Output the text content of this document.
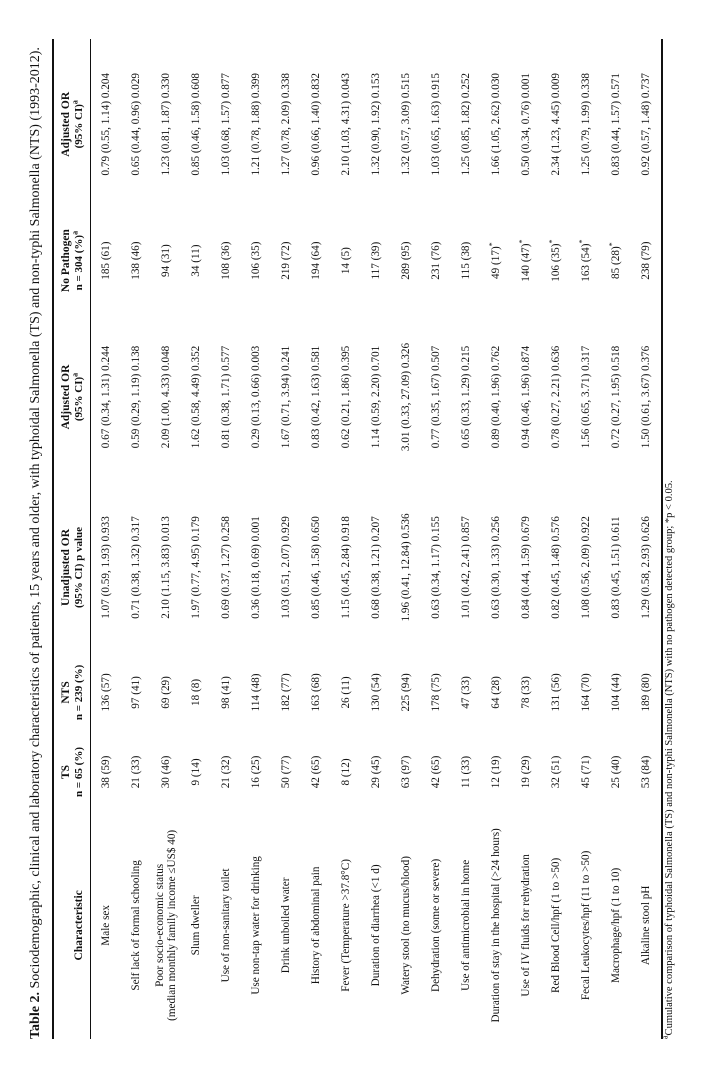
Table 2. Sociodemographic, clinical and laboratory characteristics of patients, 15 years and older, with typhoidal Salmonella (TS) and non-typhi Salmonella (NTS) (1993-2012).	Characteristic	TS n = 65 (%)	NTS n = 239 (%)	Unadjusted OR (95% CI) p value	Adjusted OR (95% CI)$^a$	No Pathogen n = 304 (%)$^a$	Adjusted OR (95% CI)$^a$

Male sex	38 (59)	136 (57)	1.07 (0.59, 1.93) 0.933	0.67 (0.34, 1.31) 0.244	185 (61)	0.79 (0.55, 1.14) 0.204
Self lack of formal schooling	21 (33)	97 (41)	0.71 (0.38, 1.32) 0.317	0.59 (0.29, 1.19) 0.138	138 (46)	0.65 (0.44, 0.96) 0.029
Poor socio-economic status (median monthly family income ≤US$ 40)	30 (46)	69 (29)	2.10 (1.15, 3.83) 0.013	2.09 (1.00, 4.33) 0.048	94 (31)	1.23 (0.81, 1.87) 0.330
Slum dweller	9 (14)	18 (8)	1.97 (0.77, 4.95) 0.179	1.62 (0.58, 4.49) 0.352	34 (11)	0.85 (0.46, 1.58) 0.608
Use of non-sanitary toilet	21 (32)	98 (41)	0.69 (0.37, 1.27) 0.258	0.81 (0.38, 1.71) 0.577	108 (36)	1.03 (0.68, 1.57) 0.877
Use non-tap water for drinking	16 (25)	114 (48)	0.36 (0.18, 0.69) 0.001	0.29 (0.13, 0.66) 0.003	106 (35)	1.21 (0.78, 1.88) 0.399
Drink unboiled water	50 (77)	182 (77)	1.03 (0.51, 2.07) 0.929	1.67 (0.71, 3.94) 0.241	219 (72)	1.27 (0.78, 2.09) 0.338
History of abdominal pain	42 (65)	163 (68)	0.85 (0.46, 1.58) 0.650	0.83 (0.42, 1.63) 0.581	194 (64)	0.96 (0.66, 1.40) 0.832
Fever (Temperature >37.8°C)	8 (12)	26 (11)	1.15 (0.45, 2.84) 0.918	0.62 (0.21, 1.86) 0.395	14 (5)	2.10 (1.03, 4.31) 0.043
Duration of diarrhea (<1 d)	29 (45)	130 (54)	0.68 (0.38, 1.21) 0.207	1.14 (0.59, 2.20) 0.701	117 (39)	1.32 (0.90, 1.92) 0.153
Watery stool (no mucus/blood)	63 (97)	225 (94)	1.96 (0.41, 12.84) 0.536	3.01 (0.33, 27.09) 0.326	289 (95)	1.32 (0.57, 3.09) 0.515
Dehydration (some or severe)	42 (65)	178 (75)	0.63 (0.34, 1.17) 0.155	0.77 (0.35, 1.67) 0.507	231 (76)	1.03 (0.65, 1.63) 0.915
Use of antimicrobial in home	11 (33)	47 (33)	1.01 (0.42, 2.41) 0.857	0.65 (0.33, 1.29) 0.215	115 (38)	1.25 (0.85, 1.82) 0.252
Duration of stay in the hospital (>24 hours)	12 (19)	64 (28)	0.63 (0.30, 1.33) 0.256	0.89 (0.40, 1.96) 0.762	49 (17)*	1.66 (1.05, 2.62) 0.030
Use of IV fluids for rehydration	19 (29)	78 (33)	0.84 (0.44, 1.59) 0.679	0.94 (0.46, 1.96) 0.874	140 (47)*	0.50 (0.34, 0.76) 0.001
Red Blood Cell/hpf (1 to >50)	32 (51)	131 (56)	0.82 (0.45, 1.48) 0.576	0.78 (0.27, 2.21) 0.636	106 (35)*	2.34 (1.23, 4.45) 0.009
Fecal Leukocytes/hpf (11 to >50)	45 (71)	164 (70)	1.08 (0.56, 2.09) 0.922	1.56 (0.65, 3.71) 0.317	163 (54)*	1.25 (0.79, 1.99) 0.338
Macrophage/hpf (1 to 10)	25 (40)	104 (44)	0.83 (0.45, 1.51) 0.611	0.72 (0.27, 1.95) 0.518	85 (28)*	0.83 (0.44, 1.57) 0.571
Alkaline stool pH	53 (84)	189 (80)	1.29 (0.58, 2.93) 0.626	1.50 (0.61, 3.67) 0.376	238 (79)	0.92 (0.57, 1.48) 0.737
$^a$Cumulative comparison of typhoidal Salmonella (TS) and non-typhi Salmonella (NTS) with no pathogen detected group; *p < 0.05.
